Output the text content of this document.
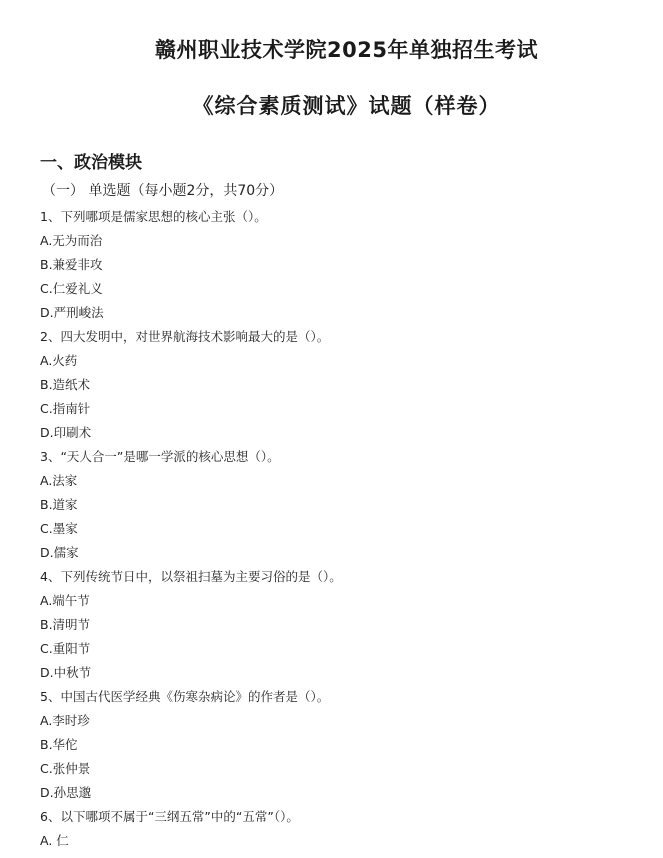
赣州职业技术学院2025年单独招生考试
《综合素质测试》试题（样卷）
一、政治模块
（一） 单选题（每小题2分，共70分）
1、下列哪项是儒家思想的核心主张（）。
A.无为而治
B.兼爱非攻
C.仁爱礼义
D.严刑峻法
2、四大发明中，对世界航海技术影响最大的是（）。
A.火药
B.造纸术
C.指南针
D.印刷术
3、“天人合一”是哪一学派的核心思想（）。
A.法家
B.道家
C.墨家
D.儒家
4、下列传统节日中，以祭祖扫墓为主要习俗的是（）。
A.端午节
B.清明节
C.重阳节
D.中秋节
5、中国古代医学经典《伤寒杂病论》的作者是（）。
A.李时珍
B.华佗
C.张仲景
D.孙思邈
6、以下哪项不属于“三纲五常”中的“五常”（）。
A. 仁
